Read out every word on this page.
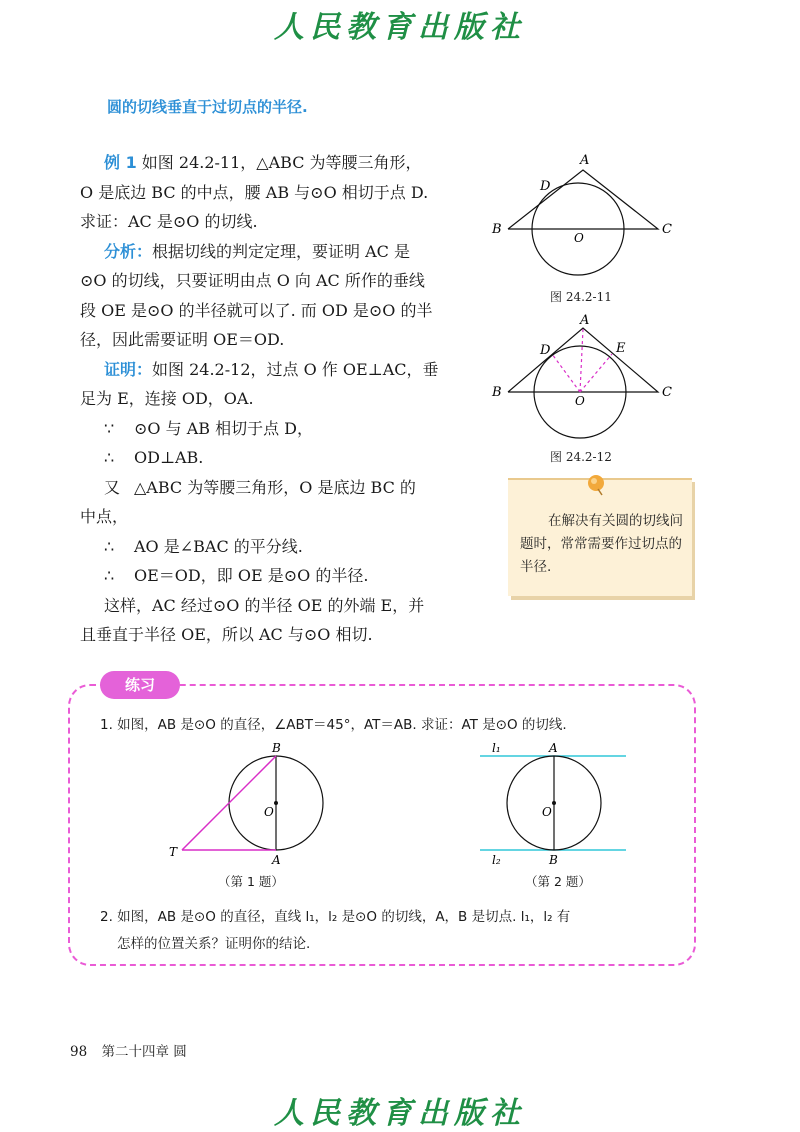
人民教育出版社
圆的切线垂直于过切点的半径.
例 1 如图 24.2-11，△ABC 为等腰三角形，
O 是底边 BC 的中点，腰 AB 与⊙O 相切于点 D.
求证：AC 是⊙O 的切线.
分析：根据切线的判定定理，要证明 AC 是
⊙O 的切线，只要证明由点 O 向 AC 所作的垂线
段 OE 是⊙O 的半径就可以了. 而 OD 是⊙O 的半
径，因此需要证明 OE＝OD.
证明：如图 24.2-12，过点 O 作 OE⊥AC，垂
足为 E，连接 OD，OA.
∵ ⊙O 与 AB 相切于点 D，
∴ OD⊥AB.
又 △ABC 为等腰三角形，O 是底边 BC 的
中点，
∴ AO 是∠BAC 的平分线.
∴ OE＝OD，即 OE 是⊙O 的半径.
这样，AC 经过⊙O 的半径 OE 的外端 E，并
且垂直于半径 OE，所以 AC 与⊙O 相切.
A
B	C
D
O
图 24.2-11
A
B	C
D	E
O
图 24.2-12
在解决有关圆的切线问题时，常常需要作过切点的半径.
练习
1. 如图，AB 是⊙O 的直径，∠ABT＝45°，AT＝AB. 求证：AT 是⊙O 的切线.
B
O
T
A
（第 1 题）
l₁	A
O
l₂	B
（第 2 题）
2. 如图，AB 是⊙O 的直径，直线 l₁，l₂ 是⊙O 的切线，A，B 是切点. l₁，l₂ 有
怎样的位置关系？证明你的结论.
98 第二十四章 圆
人民教育出版社
